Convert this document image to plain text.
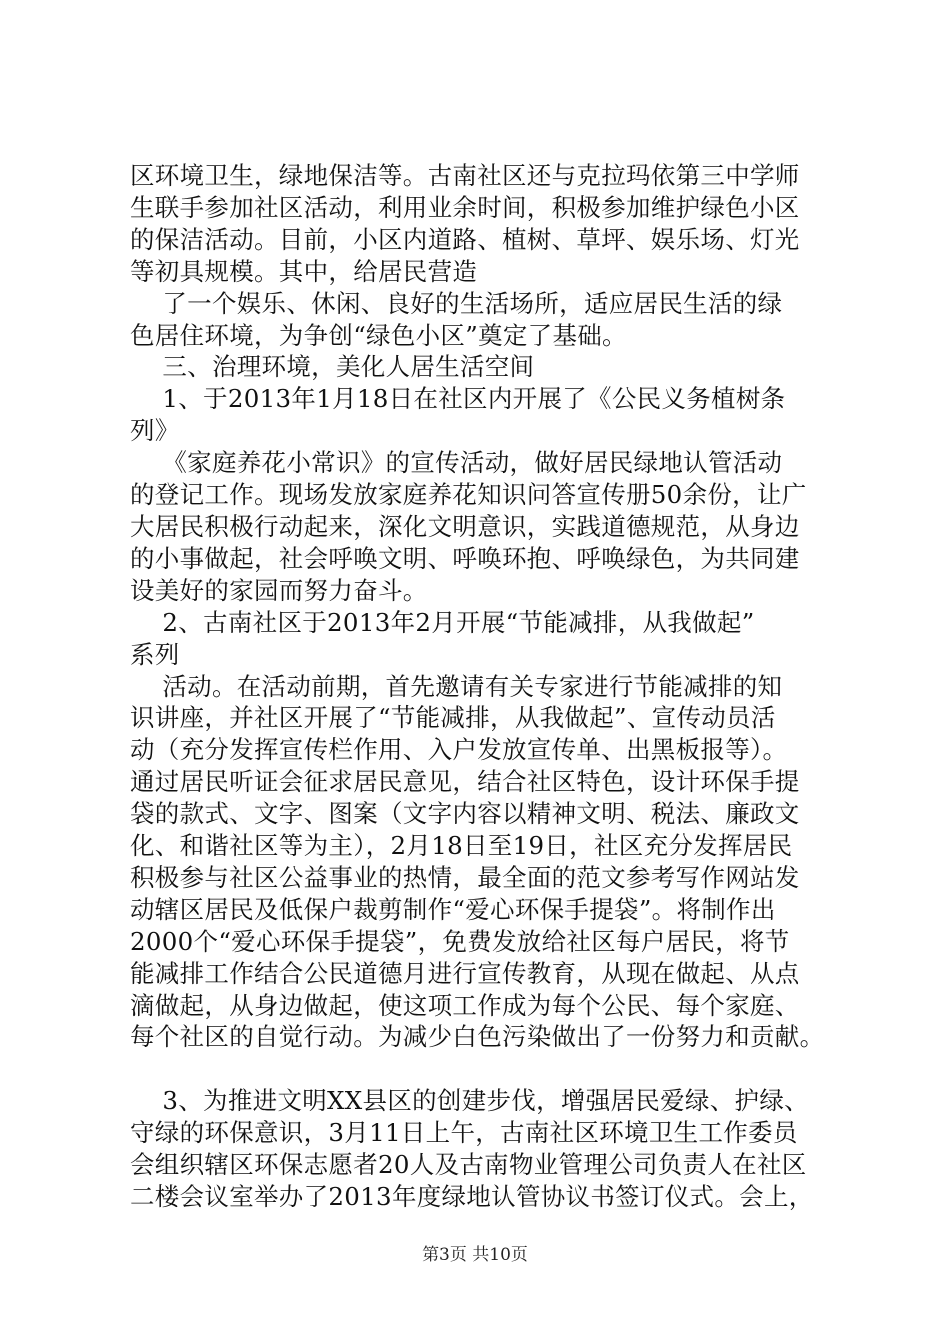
区环境卫生，绿地保洁等。古南社区还与克拉玛依第三中学师

生联手参加社区活动，利用业余时间，积极参加维护绿色小区

的保洁活动。目前，小区内道路、植树、草坪、娱乐场、灯光

等初具规模。其中，给居民营造

了一个娱乐、休闲、良好的生活场所，适应居民生活的绿

色居住环境，为争创“绿色小区”奠定了基础。

三、治理环境，美化人居生活空间

1、于2013年1月18日在社区内开展了《公民义务植树条

列》

《家庭养花小常识》的宣传活动，做好居民绿地认管活动

的登记工作。现场发放家庭养花知识问答宣传册50余份，让广

大居民积极行动起来，深化文明意识，实践道德规范，从身边

的小事做起，社会呼唤文明、呼唤环抱、呼唤绿色，为共同建

设美好的家园而努力奋斗。

2、古南社区于2013年2月开展“节能减排，从我做起”

系列

活动。在活动前期，首先邀请有关专家进行节能减排的知

识讲座，并社区开展了“节能减排，从我做起”、宣传动员活

动（充分发挥宣传栏作用、入户发放宣传单、出黑板报等）。

通过居民听证会征求居民意见，结合社区特色，设计环保手提

袋的款式、文字、图案（文字内容以精神文明、税法、廉政文

化、和谐社区等为主），2月18日至19日，社区充分发挥居民

积极参与社区公益事业的热情，最全面的范文参考写作网站发

动辖区居民及低保户裁剪制作“爱心环保手提袋”。将制作出

2000个“爱心环保手提袋”，免费发放给社区每户居民，将节

能减排工作结合公民道德月进行宣传教育，从现在做起、从点

滴做起，从身边做起，使这项工作成为每个公民、每个家庭、

每个社区的自觉行动。为减少白色污染做出了一份努力和贡献。

3、为推进文明XX县区的创建步伐，增强居民爱绿、护绿、

守绿的环保意识，3月11日上午，古南社区环境卫生工作委员

会组织辖区环保志愿者20人及古南物业管理公司负责人在社区

二楼会议室举办了2013年度绿地认管协议书签订仪式。会上，

第3页 共10页
